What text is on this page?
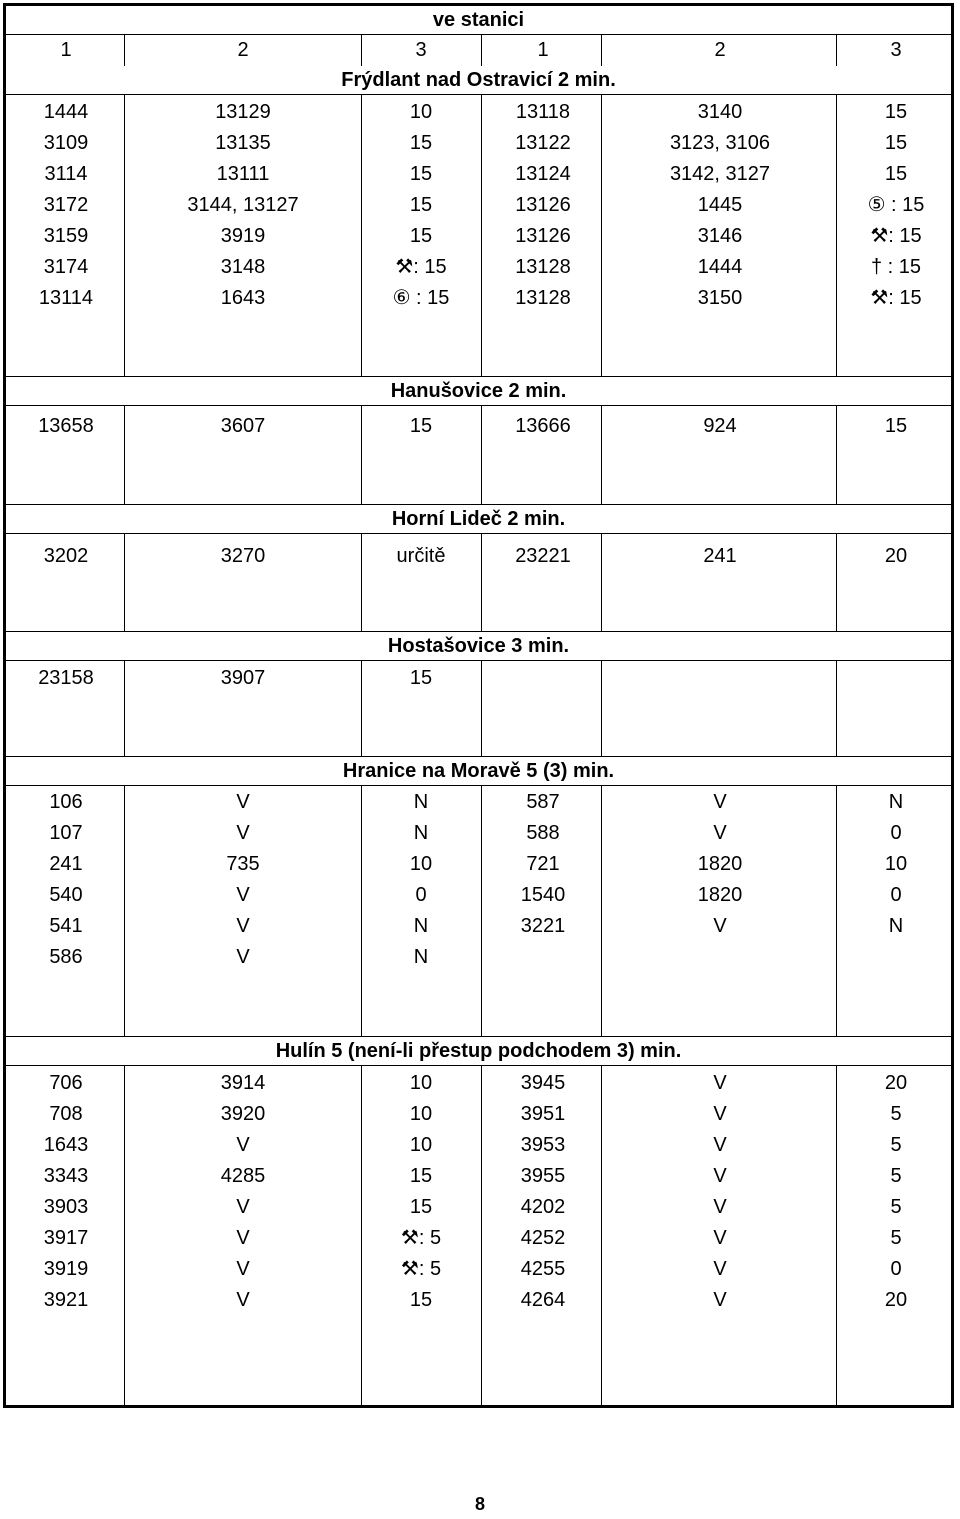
ve stanici
1	2	3	1	2	3
Frýdlant nad Ostravicí 2 min.
1444	13129	10	13118	3140	15
3109	13135	15	13122	3123, 3106	15
3114	13111	15	13124	3142, 3127	15
3172	3144, 13127	15	13126	1445	⑤ : 15
3159	3919	15	13126	3146	⚒: 15
3174	3148	⚒: 15	13128	1444	† : 15
13114	1643	⑥ : 15	13128	3150	⚒: 15
Hanušovice 2 min.
13658	3607	15	13666	924	15
Horní Lideč 2 min.
3202	3270	určitě	23221	241	20
Hostašovice 3 min.
23158	3907	15
Hranice na Moravě 5 (3) min.
106	V	N	587	V	N
107	V	N	588	V	0
241	735	10	721	1820	10
540	V	0	1540	1820	0
541	V	N	3221	V	N
586	V	N
Hulín 5 (není-li přestup podchodem 3) min.
706	3914	10	3945	V	20
708	3920	10	3951	V	5
1643	V	10	3953	V	5
3343	4285	15	3955	V	5
3903	V	15	4202	V	5
3917	V	⚒: 5	4252	V	5
3919	V	⚒: 5	4255	V	0
3921	V	15	4264	V	20
8
